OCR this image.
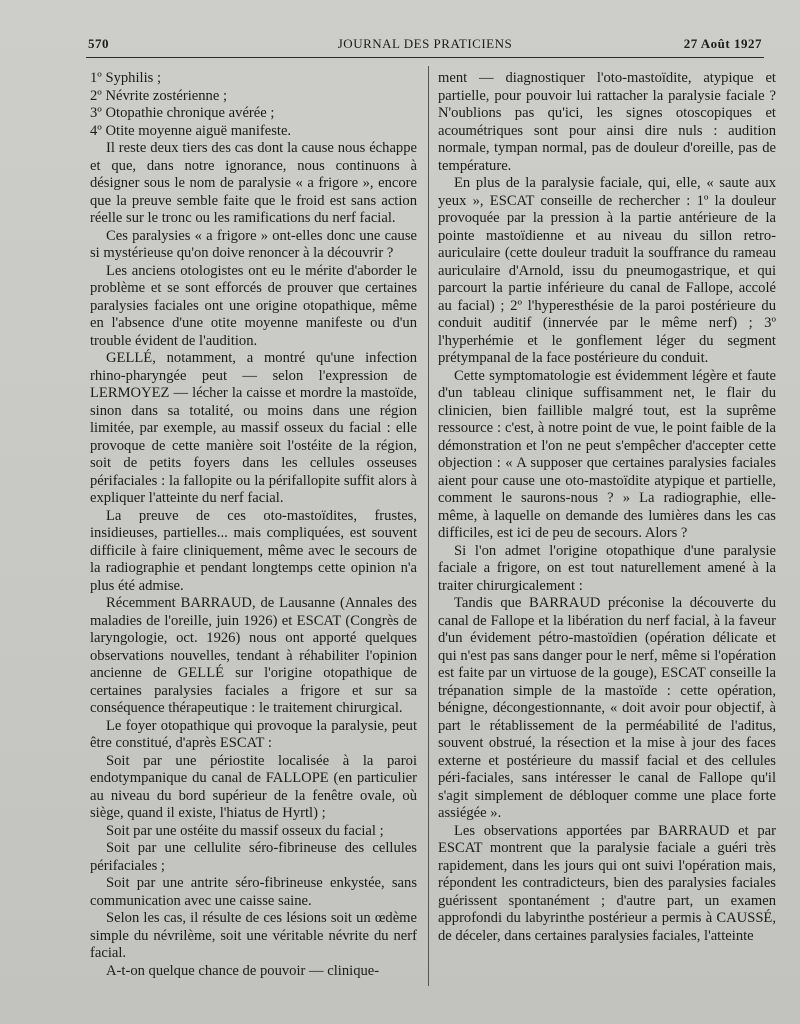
570	JOURNAL DES PRATICIENS	27 Août 1927

1º Syphilis ;

2º Névrite zostérienne ;

3º Otopathie chronique avérée ;

4º Otite moyenne aiguë manifeste.

Il reste deux tiers des cas dont la cause nous échappe et que, dans notre ignorance, nous continuons à désigner sous le nom de paralysie « a frigore », encore que la preuve semble faite que le froid est sans action réelle sur le tronc ou les ramifications du nerf facial.

Ces paralysies « a frigore » ont-elles donc une cause si mystérieuse qu'on doive renoncer à la découvrir ?

Les anciens otologistes ont eu le mérite d'aborder le problème et se sont efforcés de prouver que certaines paralysies faciales ont une origine otopathique, même en l'absence d'une otite moyenne manifeste ou d'un trouble évident de l'audition.

GELLÉ, notamment, a montré qu'une infection rhino-pharyngée peut — selon l'expression de LERMOYEZ — lécher la caisse et mordre la mastoïde, sinon dans sa totalité, ou moins dans une région limitée, par exemple, au massif osseux du facial : elle provoque de cette manière soit l'ostéite de la région, soit de petits foyers dans les cellules osseuses périfaciales : la fallopite ou la périfallopite suffit alors à expliquer l'atteinte du nerf facial.

La preuve de ces oto-mastoïdites, frustes, insidieuses, partielles... mais compliquées, est souvent difficile à faire cliniquement, même avec le secours de la radiographie et pendant longtemps cette opinion n'a plus été admise.

Récemment BARRAUD, de Lausanne (Annales des maladies de l'oreille, juin 1926) et ESCAT (Congrès de laryngologie, oct. 1926) nous ont apporté quelques observations nouvelles, tendant à réhabiliter l'opinion ancienne de GELLÉ sur l'origine otopathique de certaines paralysies faciales a frigore et sur sa conséquence thérapeutique : le traitement chirurgical.

Le foyer otopathique qui provoque la paralysie, peut être constitué, d'après ESCAT :

Soit par une périostite localisée à la paroi endotympanique du canal de FALLOPE (en particulier au niveau du bord supérieur de la fenêtre ovale, où siège, quand il existe, l'hiatus de Hyrtl) ;

Soit par une ostéite du massif osseux du facial ;

Soit par une cellulite séro-fibrineuse des cellules périfaciales ;

Soit par une antrite séro-fibrineuse enkystée, sans communication avec une caisse saine.

Selon les cas, il résulte de ces lésions soit un œdème simple du névrilème, soit une véritable névrite du nerf facial.

A-t-on quelque chance de pouvoir — clinique-

ment — diagnostiquer l'oto-mastoïdite, atypique et partielle, pour pouvoir lui rattacher la paralysie faciale ? N'oublions pas qu'ici, les signes otoscopiques et acoumétriques sont pour ainsi dire nuls : audition normale, tympan normal, pas de douleur d'oreille, pas de température.

En plus de la paralysie faciale, qui, elle, « saute aux yeux », ESCAT conseille de rechercher : 1º la douleur provoquée par la pression à la partie antérieure de la pointe mastoïdienne et au niveau du sillon retro-auriculaire (cette douleur traduit la souffrance du rameau auriculaire d'Arnold, issu du pneumogastrique, et qui parcourt la partie inférieure du canal de Fallope, accolé au facial) ; 2º l'hyperesthésie de la paroi postérieure du conduit auditif (innervée par le même nerf) ; 3º l'hyperhémie et le gonflement léger du segment prétympanal de la face postérieure du conduit.

Cette symptomatologie est évidemment légère et faute d'un tableau clinique suffisamment net, le flair du clinicien, bien faillible malgré tout, est la suprême ressource : c'est, à notre point de vue, le point faible de la démonstration et l'on ne peut s'empêcher d'accepter cette objection : « A supposer que certaines paralysies faciales aient pour cause une oto-mastoïdite atypique et partielle, comment le saurons-nous ? » La radiographie, elle-même, à laquelle on demande des lumières dans les cas difficiles, est ici de peu de secours. Alors ?

Si l'on admet l'origine otopathique d'une paralysie faciale a frigore, on est tout naturellement amené à la traiter chirurgicalement :

Tandis que BARRAUD préconise la découverte du canal de Fallope et la libération du nerf facial, à la faveur d'un évidement pétro-mastoïdien (opération délicate et qui n'est pas sans danger pour le nerf, même si l'opération est faite par un virtuose de la gouge), ESCAT conseille la trépanation simple de la mastoïde : cette opération, bénigne, décongestionnante, « doit avoir pour objectif, à part le rétablissement de la perméabilité de l'aditus, souvent obstrué, la résection et la mise à jour des faces externe et postérieure du massif facial et des cellules péri-faciales, sans intéresser le canal de Fallope qu'il s'agit simplement de débloquer comme une place forte assiégée ».

Les observations apportées par BARRAUD et par ESCAT montrent que la paralysie faciale a guéri très rapidement, dans les jours qui ont suivi l'opération mais, répondent les contradicteurs, bien des paralysies faciales guérissent spontanément ; d'autre part, un examen approfondi du labyrinthe postérieur a permis à CAUSSÉ, de déceler, dans certaines paralysies faciales, l'atteinte
